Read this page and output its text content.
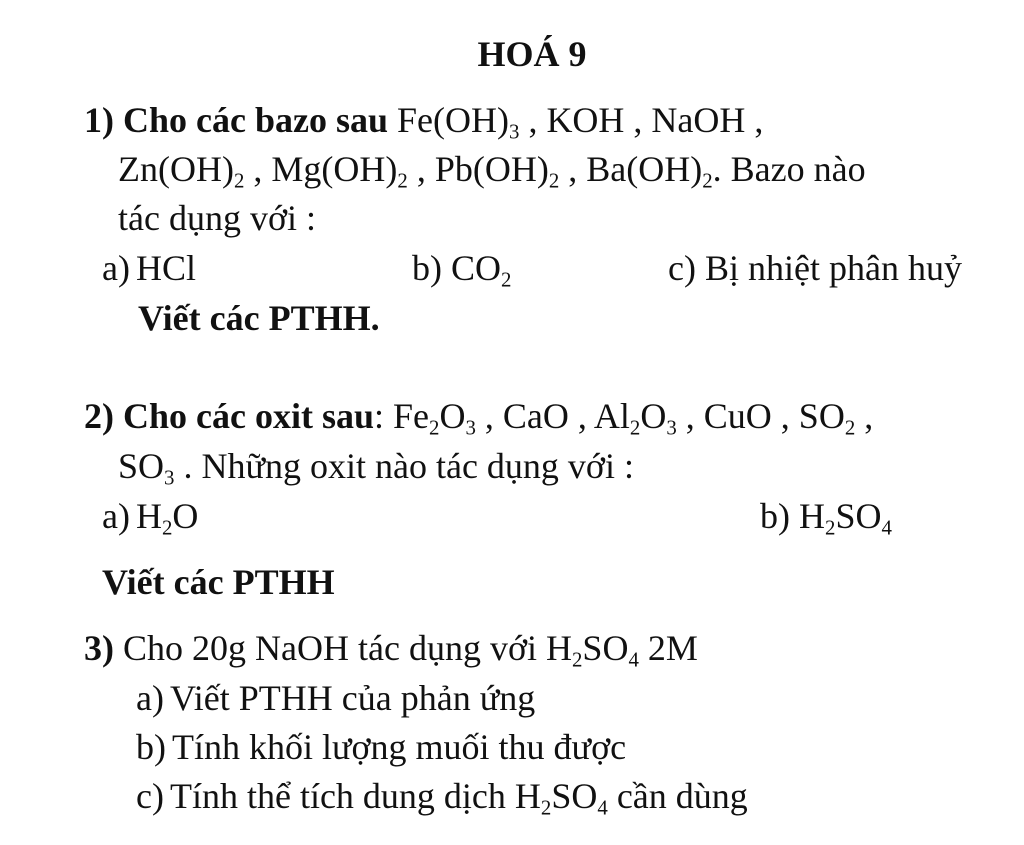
HOÁ 9
1) Cho các bazo sau $Fe(OH)_3$ , KOH , NaOH ,
$Zn(OH)_2$ , $Mg(OH)_2$ , $Pb(OH)_2$ , $Ba(OH)_2$. Bazo nào
tác dụng với :
a) HCl	b) $CO_2$	c) Bị nhiệt phân huỷ
Viết các PTHH.
2) Cho các oxit sau: $Fe_2O_3$ , CaO , $Al_2O_3$ , CuO , $SO_2$ ,
$SO_3$ . Những oxit nào tác dụng với :
a) $H_2O$	b) $H_2SO_4$
Viết các PTHH
3) Cho 20g NaOH tác dụng với $H_2SO_4$ 2M
a) Viết PTHH của phản ứng
b) Tính khối lượng muối thu được
c) Tính thể tích dung dịch $H_2SO_4$ cần dùng
